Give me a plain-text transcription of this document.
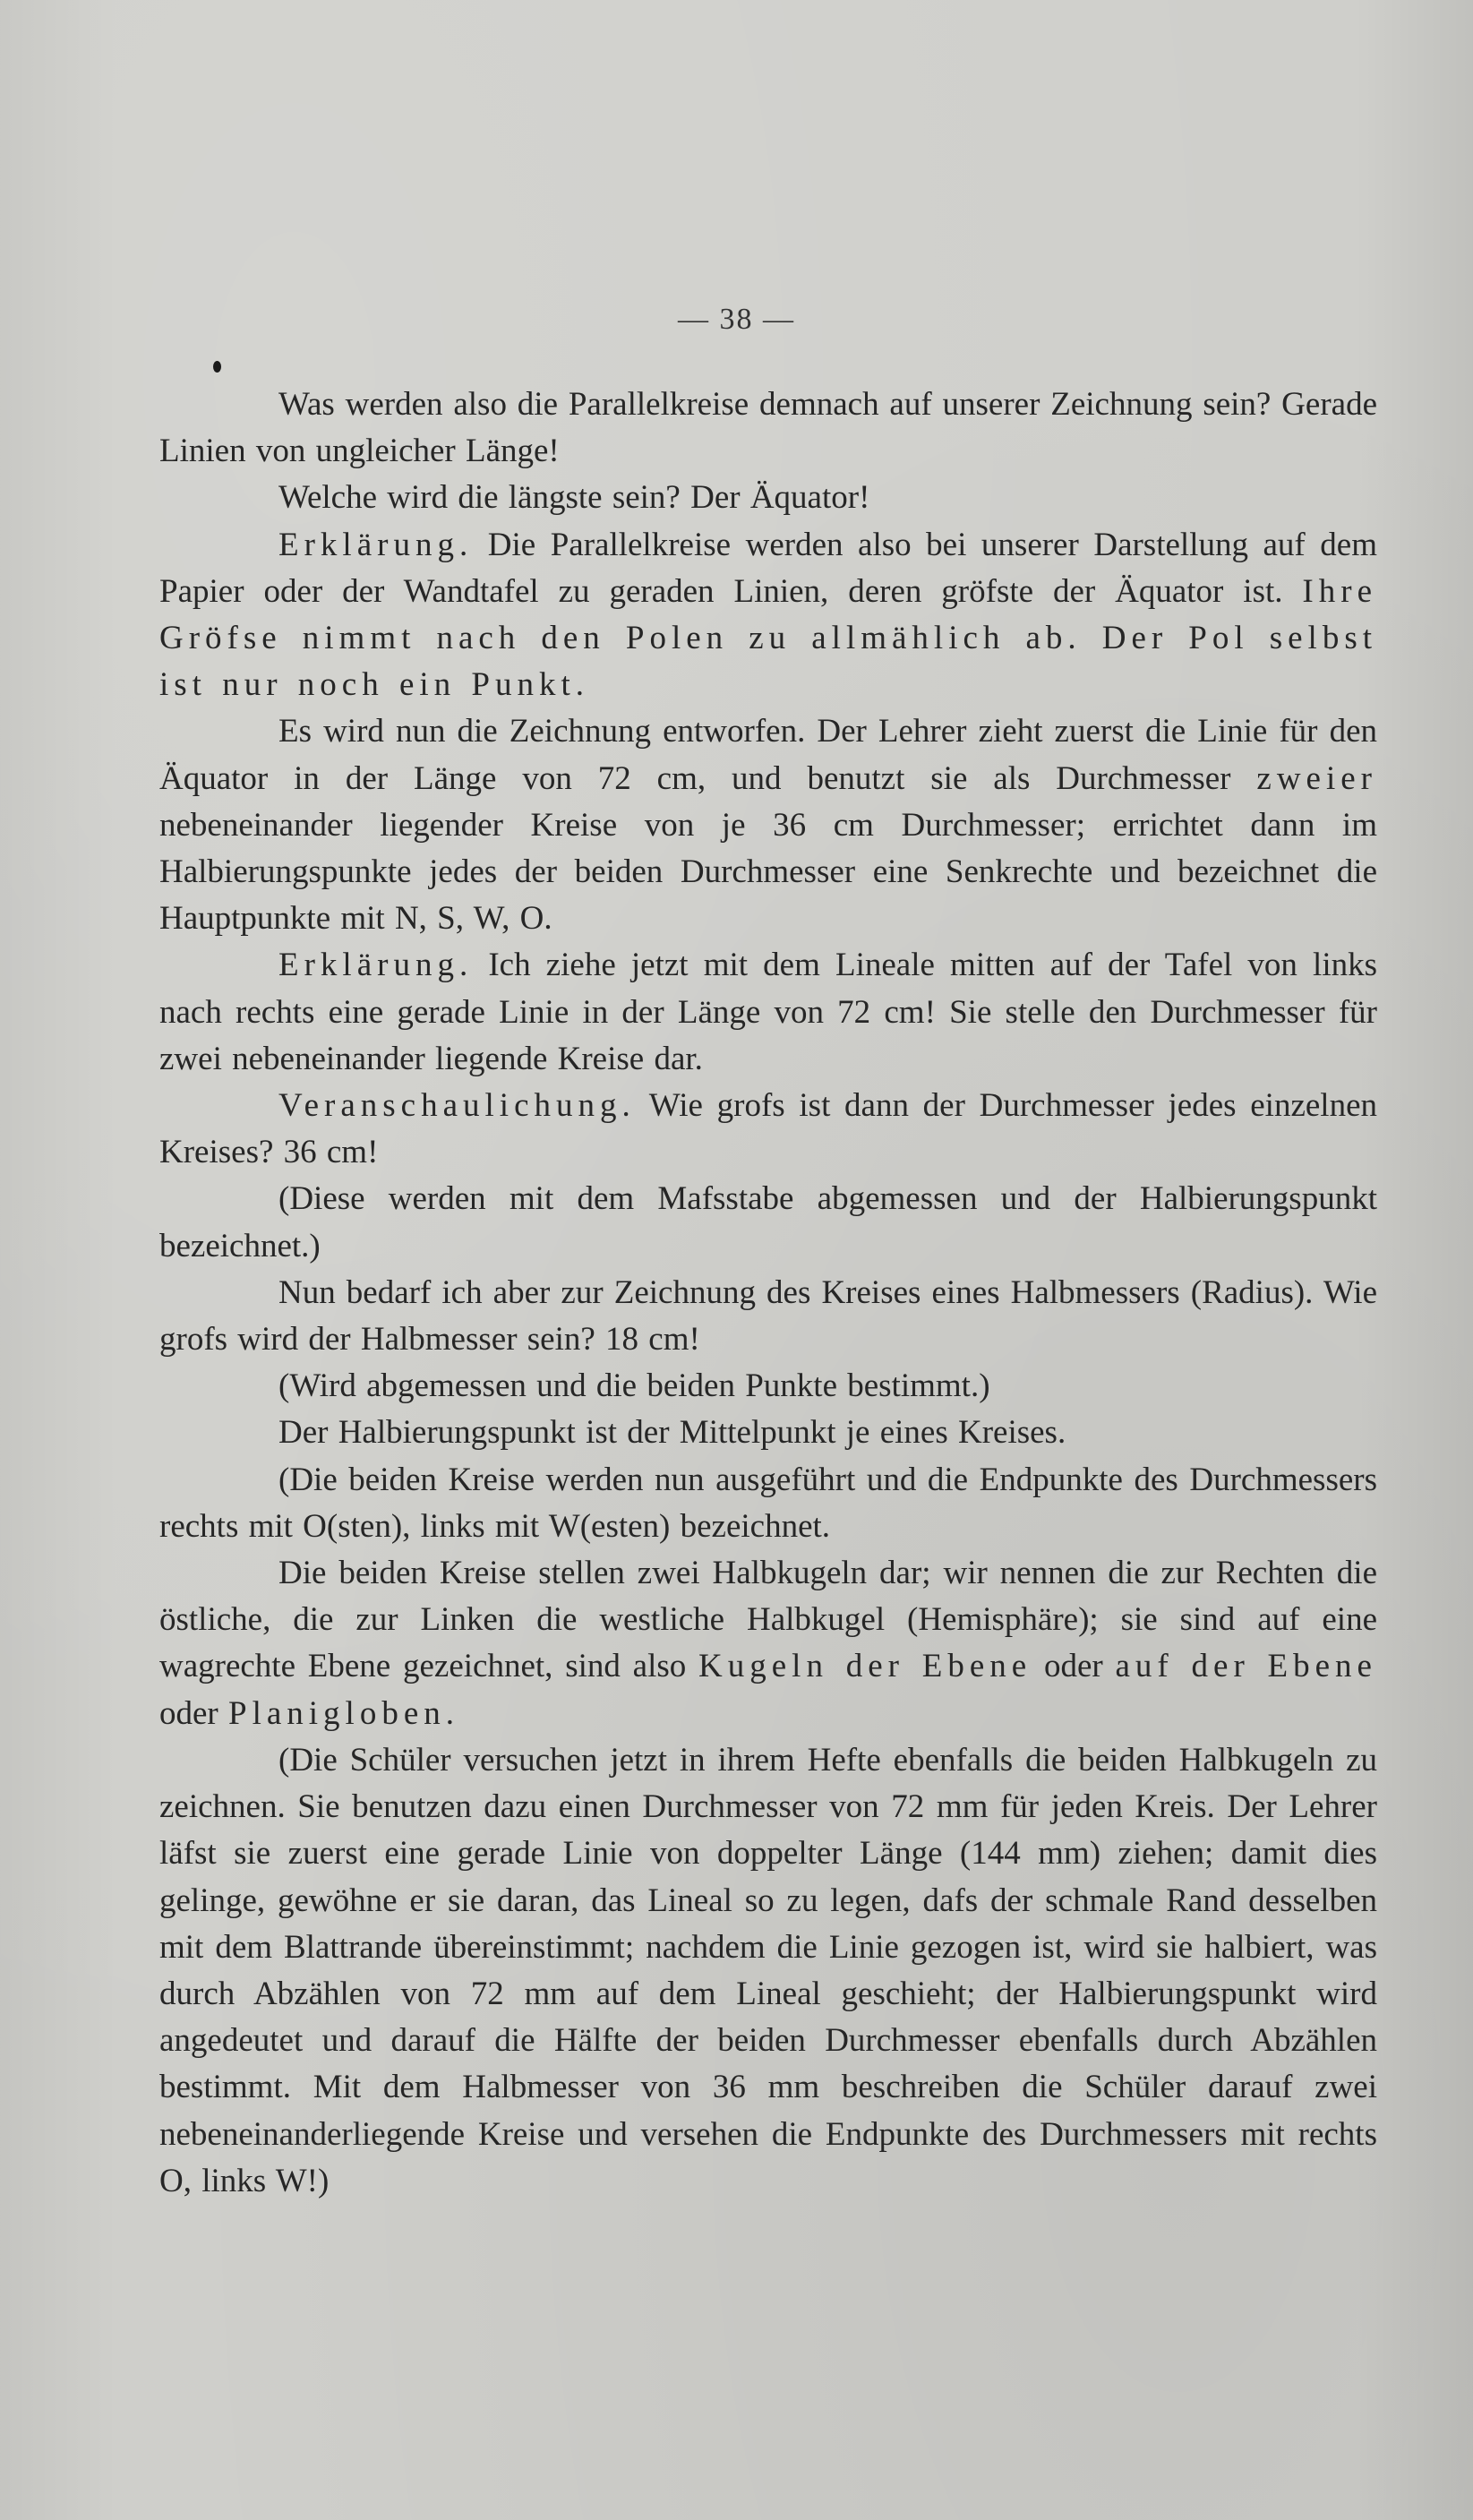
— 38 —

Was werden also die Parallelkreise demnach auf unserer Zeichnung sein? Gerade Linien von ungleicher Länge!

Welche wird die längste sein? Der Äquator!

Erklärung. Die Parallelkreise werden also bei unserer Darstellung auf dem Papier oder der Wandtafel zu geraden Linien, deren gröfste der Äquator ist. Ihre Gröfse nimmt nach den Polen zu allmählich ab. Der Pol selbst ist nur noch ein Punkt.

Es wird nun die Zeichnung entworfen. Der Lehrer zieht zuerst die Linie für den Äquator in der Länge von 72 cm, und benutzt sie als Durchmesser zweier nebeneinander liegender Kreise von je 36 cm Durchmesser; errichtet dann im Halbierungspunkte jedes der beiden Durchmesser eine Senkrechte und bezeichnet die Hauptpunkte mit N, S, W, O.

Erklärung. Ich ziehe jetzt mit dem Lineale mitten auf der Tafel von links nach rechts eine gerade Linie in der Länge von 72 cm! Sie stelle den Durchmesser für zwei nebeneinander liegende Kreise dar.

Veranschaulichung. Wie grofs ist dann der Durchmesser jedes einzelnen Kreises? 36 cm!

(Diese werden mit dem Mafsstabe abgemessen und der Halbierungspunkt bezeichnet.)

Nun bedarf ich aber zur Zeichnung des Kreises eines Halbmessers (Radius). Wie grofs wird der Halbmesser sein? 18 cm!

(Wird abgemessen und die beiden Punkte bestimmt.)

Der Halbierungspunkt ist der Mittelpunkt je eines Kreises.

(Die beiden Kreise werden nun ausgeführt und die Endpunkte des Durchmessers rechts mit O(sten), links mit W(esten) bezeichnet.

Die beiden Kreise stellen zwei Halbkugeln dar; wir nennen die zur Rechten die östliche, die zur Linken die westliche Halbkugel (Hemisphäre); sie sind auf eine wagrechte Ebene gezeichnet, sind also Kugeln der Ebene oder auf der Ebene oder Planigloben.

(Die Schüler versuchen jetzt in ihrem Hefte ebenfalls die beiden Halbkugeln zu zeichnen. Sie benutzen dazu einen Durchmesser von 72 mm für jeden Kreis. Der Lehrer läfst sie zuerst eine gerade Linie von doppelter Länge (144 mm) ziehen; damit dies gelinge, gewöhne er sie daran, das Lineal so zu legen, dafs der schmale Rand desselben mit dem Blattrande übereinstimmt; nachdem die Linie gezogen ist, wird sie halbiert, was durch Abzählen von 72 mm auf dem Lineal geschieht; der Halbierungspunkt wird angedeutet und darauf die Hälfte der beiden Durchmesser ebenfalls durch Abzählen bestimmt. Mit dem Halbmesser von 36 mm beschreiben die Schüler darauf zwei nebeneinanderliegende Kreise und versehen die Endpunkte des Durchmessers mit rechts O, links W!)
